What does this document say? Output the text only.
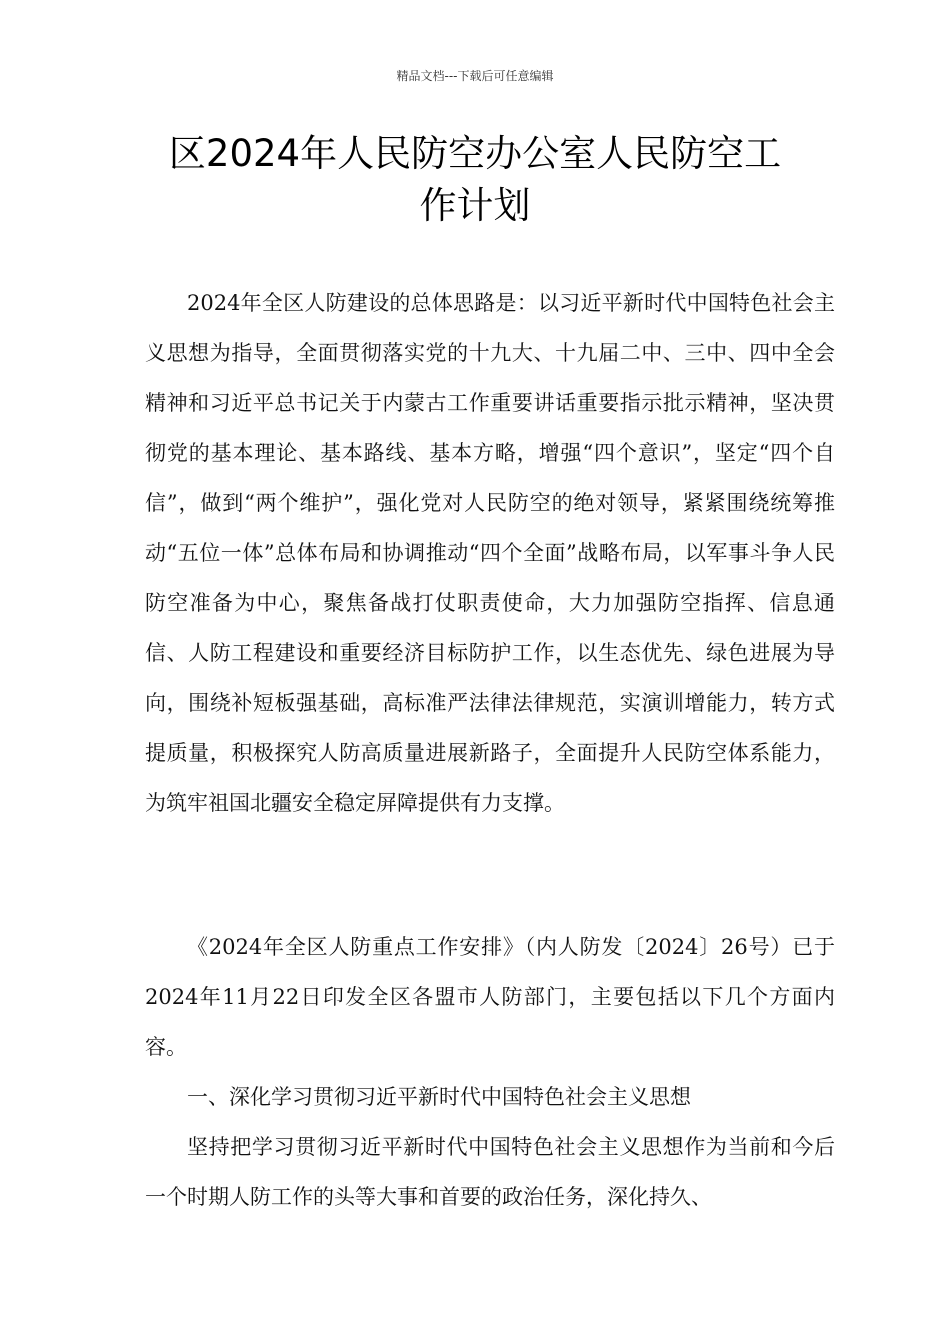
精品文档---下载后可任意编辑
区2024年人民防空办公室人民防空工
作计划

2024年全区人防建设的总体思路是：以习近平新时代中国特色社会主义思想为指导，全面贯彻落实党的十九大、十九届二中、三中、四中全会精神和习近平总书记关于内蒙古工作重要讲话重要指示批示精神，坚决贯彻党的基本理论、基本路线、基本方略，增强“四个意识”，坚定“四个自信”，做到“两个维护”，强化党对人民防空的绝对领导，紧紧围绕统筹推动“五位一体”总体布局和协调推动“四个全面”战略布局，以军事斗争人民防空准备为中心，聚焦备战打仗职责使命，大力加强防空指挥、信息通信、人防工程建设和重要经济目标防护工作，以生态优先、绿色进展为导向，围绕补短板强基础，高标准严法律法律规范，实演训增能力，转方式提质量，积极探究人防高质量进展新路子，全面提升人民防空体系能力，为筑牢祖国北疆安全稳定屏障提供有力支撑。

《2024年全区人防重点工作安排》（内人防发〔2024〕26号）已于2024年11月22日印发全区各盟市人防部门，主要包括以下几个方面内容。

一、深化学习贯彻习近平新时代中国特色社会主义思想

坚持把学习贯彻习近平新时代中国特色社会主义思想作为当前和今后一个时期人防工作的头等大事和首要的政治任务，深化持久、
